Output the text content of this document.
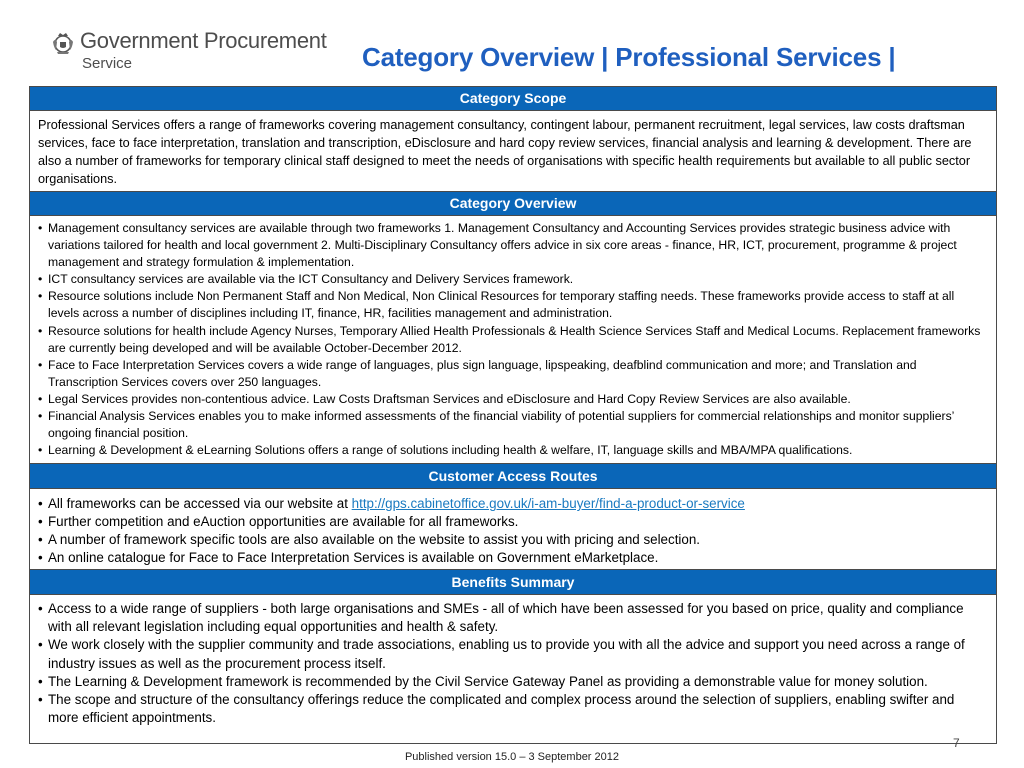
Government Procurement
Service	Category Overview | Professional Services |
Category Scope
Professional Services offers a range of frameworks covering management consultancy, contingent labour, permanent recruitment, legal services, law costs draftsman services, face to face interpretation, translation and transcription, eDisclosure and hard copy review services, financial analysis and learning & development. There are also a number of frameworks for temporary clinical staff designed to meet the needs of organisations with specific health requirements but available to all public sector organisations.
Category Overview
• Management consultancy services are available through two frameworks 1. Management Consultancy and Accounting Services provides strategic business advice with variations tailored for health and local government 2. Multi-Disciplinary Consultancy offers advice in six core areas - finance, HR, ICT, procurement, programme & project management and strategy formulation & implementation.
• ICT consultancy services are available via the ICT Consultancy and Delivery Services framework.
• Resource solutions include Non Permanent Staff and Non Medical, Non Clinical Resources for temporary staffing needs. These frameworks provide access to staff at all levels across a number of disciplines including IT, finance, HR, facilities management and administration.
• Resource solutions for health include Agency Nurses, Temporary Allied Health Professionals & Health Science Services Staff and Medical Locums. Replacement frameworks are currently being developed and will be available October-December 2012.
• Face to Face Interpretation Services covers a wide range of languages, plus sign language, lipspeaking, deafblind communication and more; and Translation and Transcription Services covers over 250 languages.
• Legal Services provides non-contentious advice. Law Costs Draftsman Services and eDisclosure and Hard Copy Review Services are also available.
• Financial Analysis Services enables you to make informed assessments of the financial viability of potential suppliers for commercial relationships and monitor suppliers’ ongoing financial position.
• Learning & Development & eLearning Solutions offers a range of solutions including health & welfare, IT, language skills and MBA/MPA qualifications.
Customer Access Routes
• All frameworks can be accessed via our website at http://gps.cabinetoffice.gov.uk/i-am-buyer/find-a-product-or-service
• Further competition and eAuction opportunities are available for all frameworks.
• A number of framework specific tools are also available on the website to assist you with pricing and selection.
• An online catalogue for Face to Face Interpretation Services is available on Government eMarketplace.
Benefits Summary
• Access to a wide range of suppliers - both large organisations and SMEs - all of which have been assessed for you based on price, quality and compliance with all relevant legislation including equal opportunities and health & safety.
• We work closely with the supplier community and trade associations, enabling us to provide you with all the advice and support you need across a range of industry issues as well as the procurement process itself.
• The Learning & Development framework is recommended by the Civil Service Gateway Panel as providing a demonstrable value for money solution.
• The scope and structure of the consultancy offerings reduce the complicated and complex process around the selection of suppliers, enabling swifter and more efficient appointments.
7
Published version 15.0 – 3 September 2012
